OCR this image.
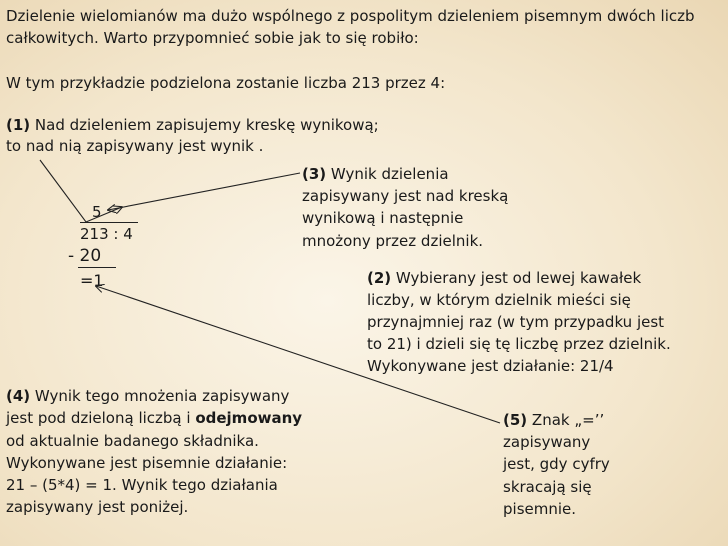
Dzielenie wielomianów ma dużo wspólnego z pospolitym dzieleniem pisemnym dwóch liczb
całkowitych. Warto przypomnieć sobie jak to się robiło:
W tym przykładzie podzielona zostanie liczba 213 przez 4:
(1) Nad dzieleniem zapisujemy kreskę wynikową;
to nad nią zapisywany jest wynik .
(3) Wynik dzielenia
zapisywany jest nad kreską
wynikową i następnie
mnożony przez dzielnik.
5
213 : 4
- 20
=1	(2) Wybierany jest od lewej kawałek
liczby, w którym dzielnik mieści się
przynajmniej raz (w tym przypadku jest
to 21) i dzieli się tę liczbę przez dzielnik.
Wykonywane jest działanie: 21/4
(4) Wynik tego mnożenia zapisywany
jest pod dzieloną liczbą i odejmowany
od aktualnie badanego składnika.
Wykonywane jest pisemnie działanie:
21 – (5*4) = 1. Wynik tego działania
zapisywany jest poniżej.
(5) Znak „=’’
zapisywany
jest, gdy cyfry
skracają się
pisemnie.
